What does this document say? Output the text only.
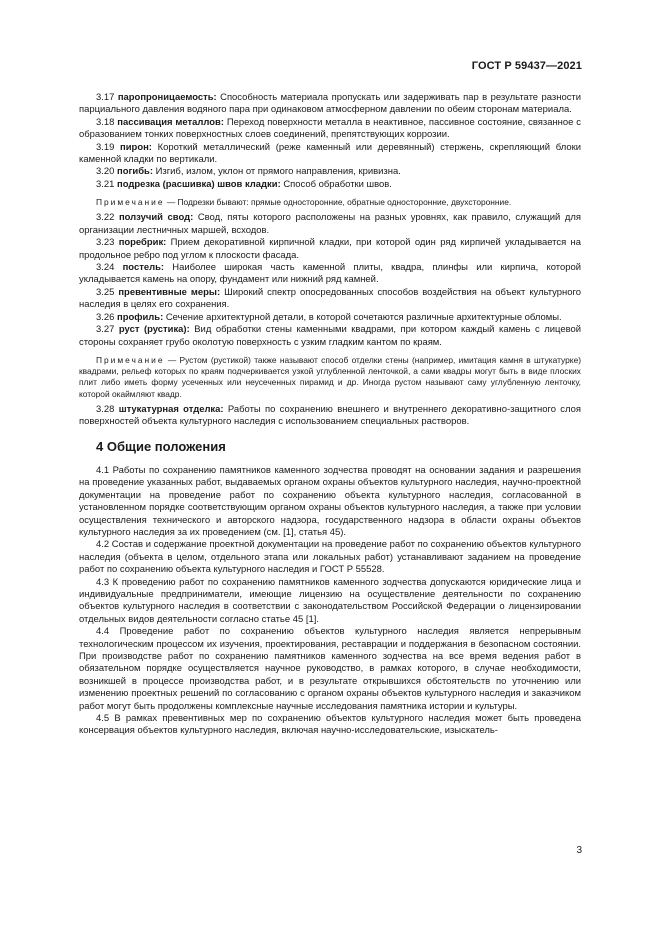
ГОСТ Р 59437—2021

3.17 паропроницаемость: Способность материала пропускать или задерживать пар в результате разности парциального давления водяного пара при одинаковом атмосферном давлении по обеим сторонам материала.

3.18 пассивация металлов: Переход поверхности металла в неактивное, пассивное состояние, связанное с образованием тонких поверхностных слоев соединений, препятствующих коррозии.

3.19 пирон: Короткий металлический (реже каменный или деревянный) стержень, скрепляющий блоки каменной кладки по вертикали.

3.20 погибь: Изгиб, излом, уклон от прямого направления, кривизна.

3.21 подрезка (расшивка) швов кладки: Способ обработки швов.

Примечание — Подрезки бывают: прямые односторонние, обратные односторонние, двухсторонние.

3.22 ползучий свод: Свод, пяты которого расположены на разных уровнях, как правило, служащий для организации лестничных маршей, всходов.

3.23 поребрик: Прием декоративной кирпичной кладки, при которой один ряд кирпичей укладывается на продольное ребро под углом к плоскости фасада.

3.24 постель: Наиболее широкая часть каменной плиты, квадра, плинфы или кирпича, которой укладывается камень на опору, фундамент или нижний ряд камней.

3.25 превентивные меры: Широкий спектр опосредованных способов воздействия на объект культурного наследия в целях его сохранения.

3.26 профиль: Сечение архитектурной детали, в которой сочетаются различные архитектурные обломы.

3.27 руст (рустика): Вид обработки стены каменными квадрами, при котором каждый камень с лицевой стороны сохраняет грубо околотую поверхность с узким гладким кантом по краям.

Примечание — Рустом (рустикой) также называют способ отделки стены (например, имитация камня в штукатурке) квадрами, рельеф которых по краям подчеркивается узкой углубленной ленточкой, а сами квадры могут быть в виде плоских плит либо иметь форму усеченных или неусеченных пирамид и др. Иногда рустом называют саму углубленную ленточку, которой окаймляют квадр.

3.28 штукатурная отделка: Работы по сохранению внешнего и внутреннего декоративно-защитного слоя поверхностей объекта культурного наследия с использованием специальных растворов.

4 Общие положения

4.1 Работы по сохранению памятников каменного зодчества проводят на основании задания и разрешения на проведение указанных работ, выдаваемых органом охраны объектов культурного наследия, научно-проектной документации на проведение работ по сохранению объекта культурного наследия, согласованной в установленном порядке соответствующим органом охраны объектов культурного наследия, а также при условии осуществления технического и авторского надзора, государственного надзора в области охраны объектов культурного наследия за их проведением (см. [1], статья 45).

4.2 Состав и содержание проектной документации на проведение работ по сохранению объектов культурного наследия (объекта в целом, отдельного этапа или локальных работ) устанавливают заданием на проведение работ по сохранению объекта культурного наследия и ГОСТ Р 55528.

4.3 К проведению работ по сохранению памятников каменного зодчества допускаются юридические лица и индивидуальные предприниматели, имеющие лицензию на осуществление деятельности по сохранению объектов культурного наследия в соответствии с законодательством Российской Федерации о лицензировании отдельных видов деятельности согласно статье 45 [1].

4.4 Проведение работ по сохранению объектов культурного наследия является непрерывным технологическим процессом их изучения, проектирования, реставрации и поддержания в безопасном состоянии. При производстве работ по сохранению памятников каменного зодчества на все время ведения работ в обязательном порядке осуществляется научное руководство, в рамках которого, в случае необходимости, возникшей в процессе производства работ, и в результате открывшихся обстоятельств по уточнению или изменению проектных решений по согласованию с органом охраны объектов культурного наследия и заказчиком работ могут быть продолжены комплексные научные исследования памятника истории и культуры.

4.5 В рамках превентивных мер по сохранению объектов культурного наследия может быть проведена консервация объектов культурного наследия, включая научно-исследовательские, изыскатель-

3
